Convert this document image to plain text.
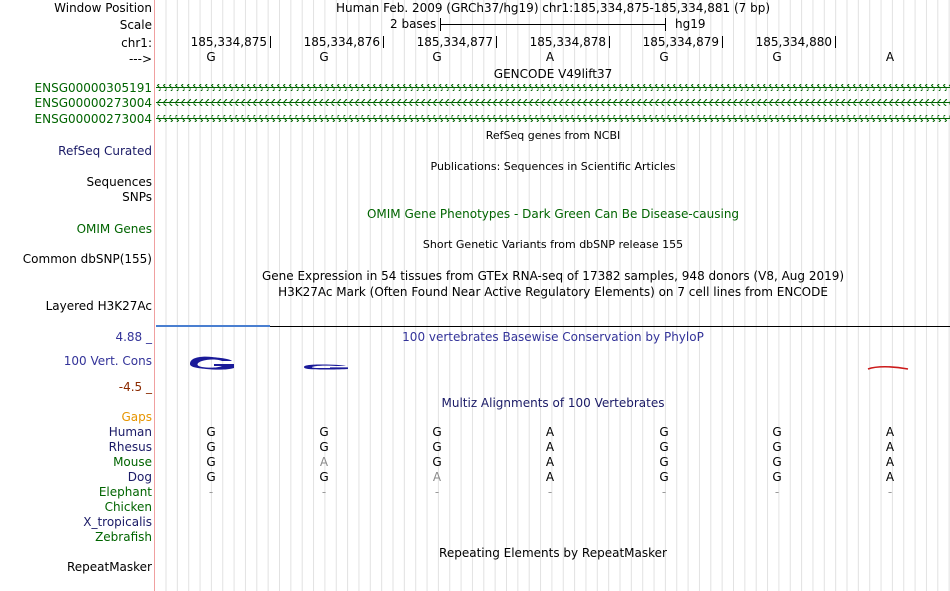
Window Position	Human Feb. 2009 (GRCh37/hg19) chr1:185,334,875-185,334,881 (7 bp)
Scale	2 bases	hg19
chr1:	185,334,875	185,334,876	185,334,877	185,334,878	185,334,879	185,334,880
--->	G	G	G	A	G	G	A
GENCODE V49lift37
ENSG00000305191
ENSG00000273004
ENSG00000273004
RefSeq genes from NCBI
RefSeq Curated
Publications: Sequences in Scientific Articles
Sequences
SNPs
OMIM Gene Phenotypes - Dark Green Can Be Disease-causing
OMIM Genes
Short Genetic Variants from dbSNP release 155
Common dbSNP(155)
Gene Expression in 54 tissues from GTEx RNA-seq of 17382 samples, 948 donors (V8, Aug 2019)
H3K27Ac Mark (Often Found Near Active Regulatory Elements) on 7 cell lines from ENCODE
Layered H3K27Ac
100 vertebrates Basewise Conservation by PhyloP
4.88 _
100 Vert. Cons
-4.5 _
Multiz Alignments of 100 Vertebrates
Gaps
Human	G	G	G	A	G	G	A
Rhesus	G	G	G	A	G	G	A
Mouse	G	A	G	A	G	G	A
Dog	G	G	A	A	G	G	A
Elephant	-	-	-	-	-	-	-
Chicken
X_tropicalis
Zebrafish
Repeating Elements by RepeatMasker
RepeatMasker
